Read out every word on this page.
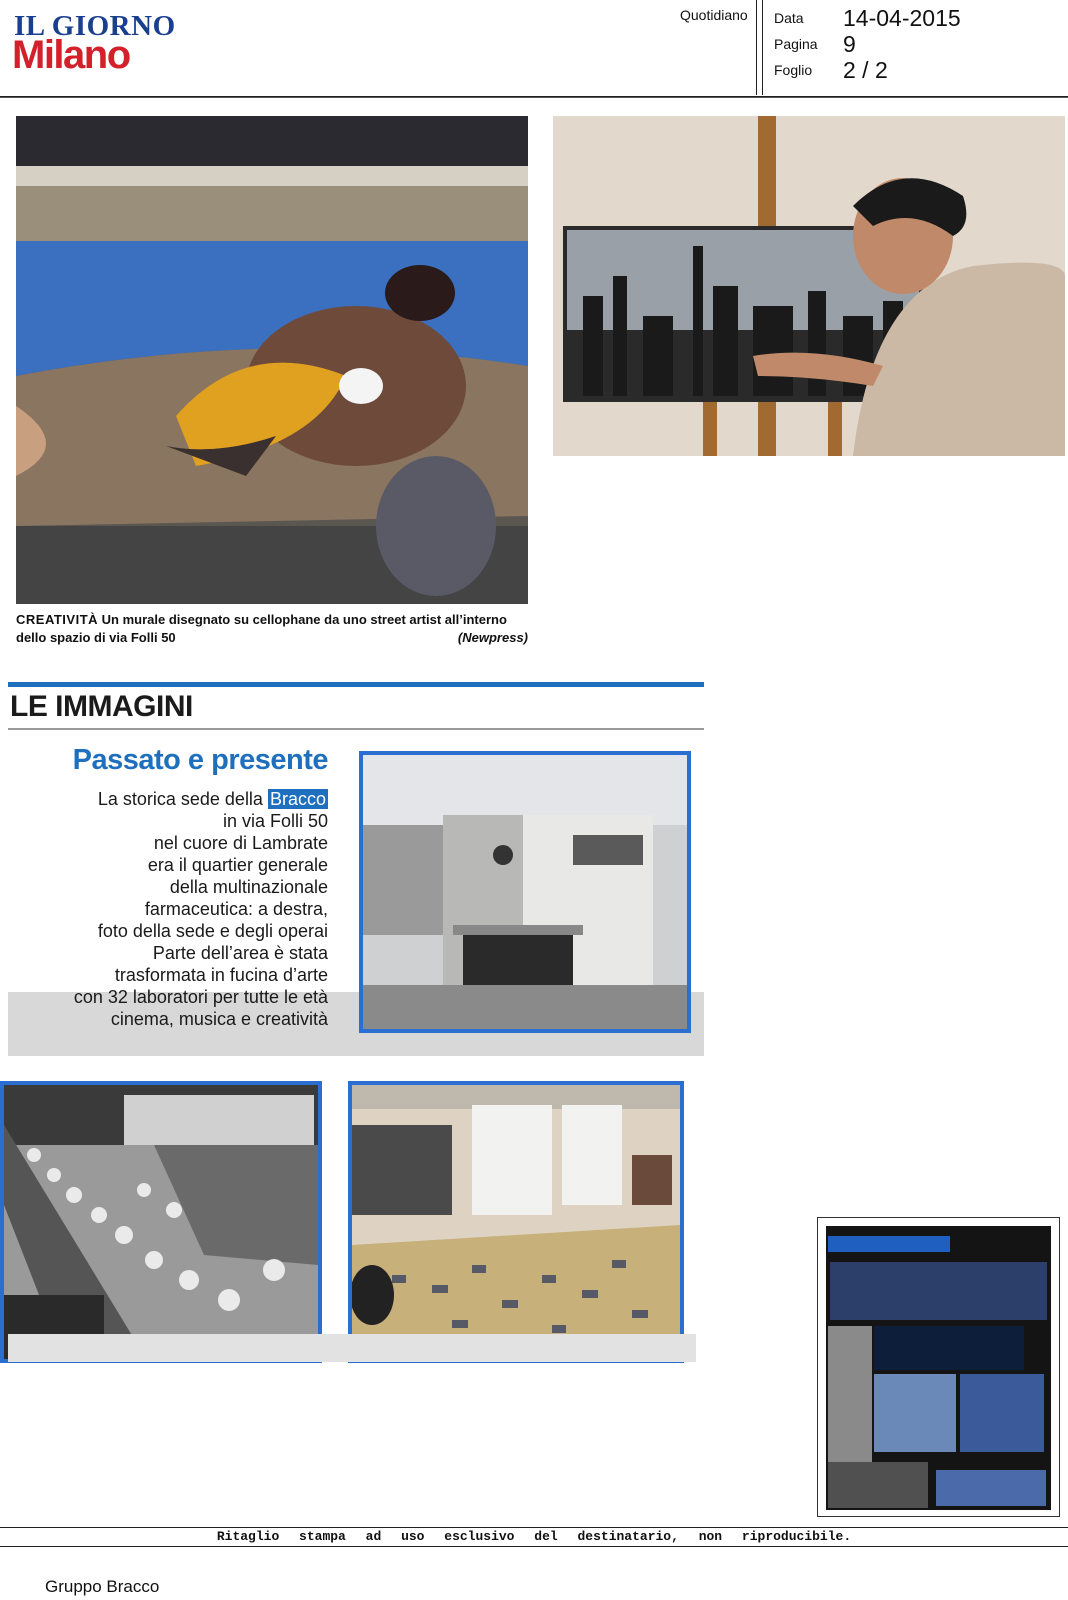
IL GIORNO
Milano
Quotidiano Data 14-04-2015
Pagina 9
Foglio 2 / 2
CREATIVITÀ Un murale disegnato su cellophane da uno street artist all’interno dello spazio di via Folli 50	(Newpress)
LE IMMAGINI
Passato e presente
La storica sede della Bracco
in via Folli 50
nel cuore di Lambrate
era il quartier generale
della multinazionale
farmaceutica: a destra,
foto della sede e degli operai
Parte dell’area è stata
trasformata in fucina d’arte
con 32 laboratori per tutte le età
cinema, musica e creatività
Ritaglio stampa ad uso esclusivo del destinatario, non riproducibile.
Gruppo Bracco
